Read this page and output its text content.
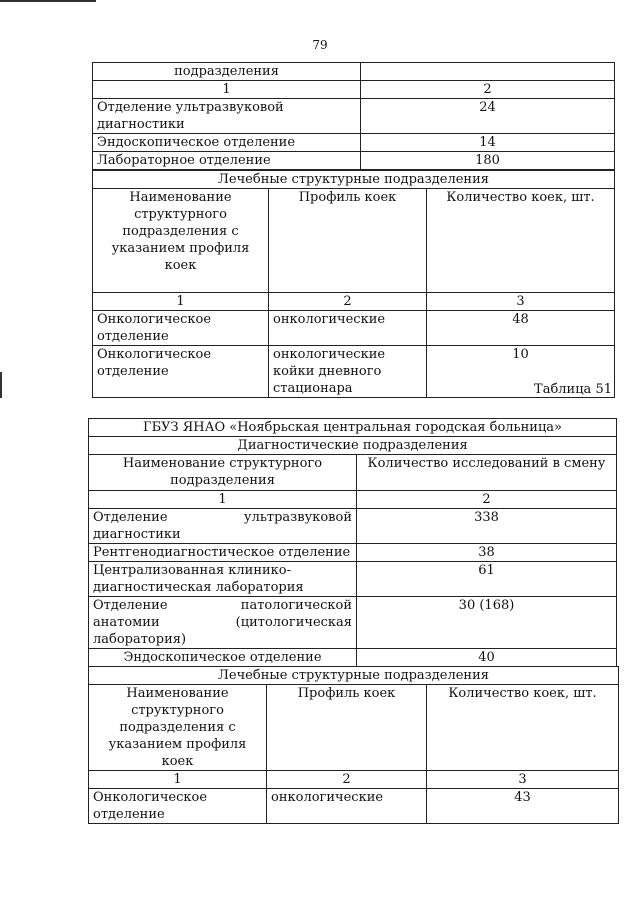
79
подразделения	
1	2
Отделение ультразвуковой диагностики	24
Эндоскопическое отделение	14
Лабораторное отделение	180
Лечебные структурные подразделения		
Наименование структурного подразделения с указанием профиля коек	Профиль коек	Количество коек, шт.
1	2	3
Онкологическое отделение	онкологические	48
Онкологическое отделение	онкологические койки дневного стационара	10
Таблица 51
ГБУЗ ЯНАО «Ноябрьская центральная городская больница»	
Диагностические подразделения	
Наименование структурного подразделения	Количество исследований в смену
1	2
Отделение ультразвуковой диагностики	338
Рентгенодиагностическое отделение	38
Централизованная клинико-диагностическая лаборатория	61
Отделение патологической анатомии (цитологическая лаборатория)	30 (168)
Эндоскопическое отделение	40
Лечебные структурные подразделения		
Наименование структурного подразделения с указанием профиля коек	Профиль коек	Количество коек, шт.
1	2	3
Онкологическое отделение	онкологические	43
